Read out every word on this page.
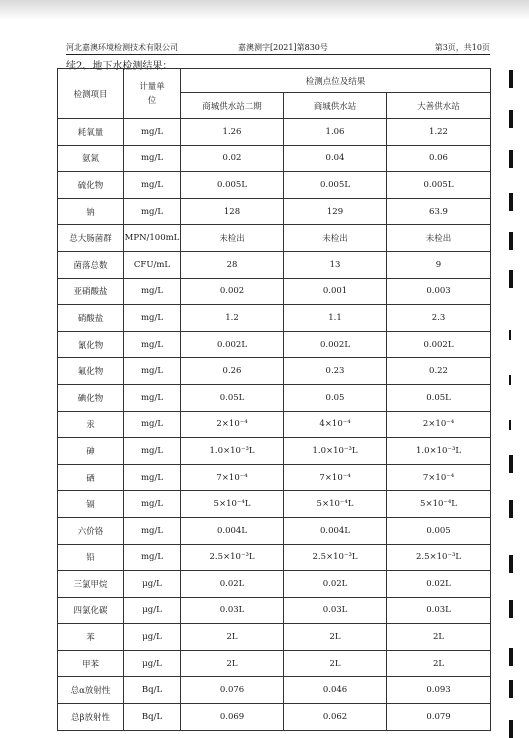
河北嘉澳环境检测技术有限公司	嘉澳测字[2021]第830号	第3页，共10页
续2、地下水检测结果：
检测项目	计量单位	检测点位及结果		
		商城供水站二期	商城供水站	大善供水站
耗氧量	mg/L	1.26	1.06	1.22
氨氮	mg/L	0.02	0.04	0.06
硫化物	mg/L	0.005L	0.005L	0.005L
钠	mg/L	128	129	63.9
总大肠菌群	MPN/100mL	未检出	未检出	未检出
菌落总数	CFU/mL	28	13	9
亚硝酸盐	mg/L	0.002	0.001	0.003
硝酸盐	mg/L	1.2	1.1	2.3
氰化物	mg/L	0.002L	0.002L	0.002L
氟化物	mg/L	0.26	0.23	0.22
碘化物	mg/L	0.05L	0.05	0.05L
汞	mg/L	2×10⁻⁴	4×10⁻⁴	2×10⁻⁴
砷	mg/L	1.0×10⁻³L	1.0×10⁻³L	1.0×10⁻³L
硒	mg/L	7×10⁻⁴	7×10⁻⁴	7×10⁻⁴
镉	mg/L	5×10⁻⁴L	5×10⁻⁴L	5×10⁻⁴L
六价铬	mg/L	0.004L	0.004L	0.005
铅	mg/L	2.5×10⁻³L	2.5×10⁻³L	2.5×10⁻³L
三氯甲烷	μg/L	0.02L	0.02L	0.02L
四氯化碳	μg/L	0.03L	0.03L	0.03L
苯	μg/L	2L	2L	2L
甲苯	μg/L	2L	2L	2L
总α放射性	Bq/L	0.076	0.046	0.093
总β放射性	Bq/L	0.069	0.062	0.079
